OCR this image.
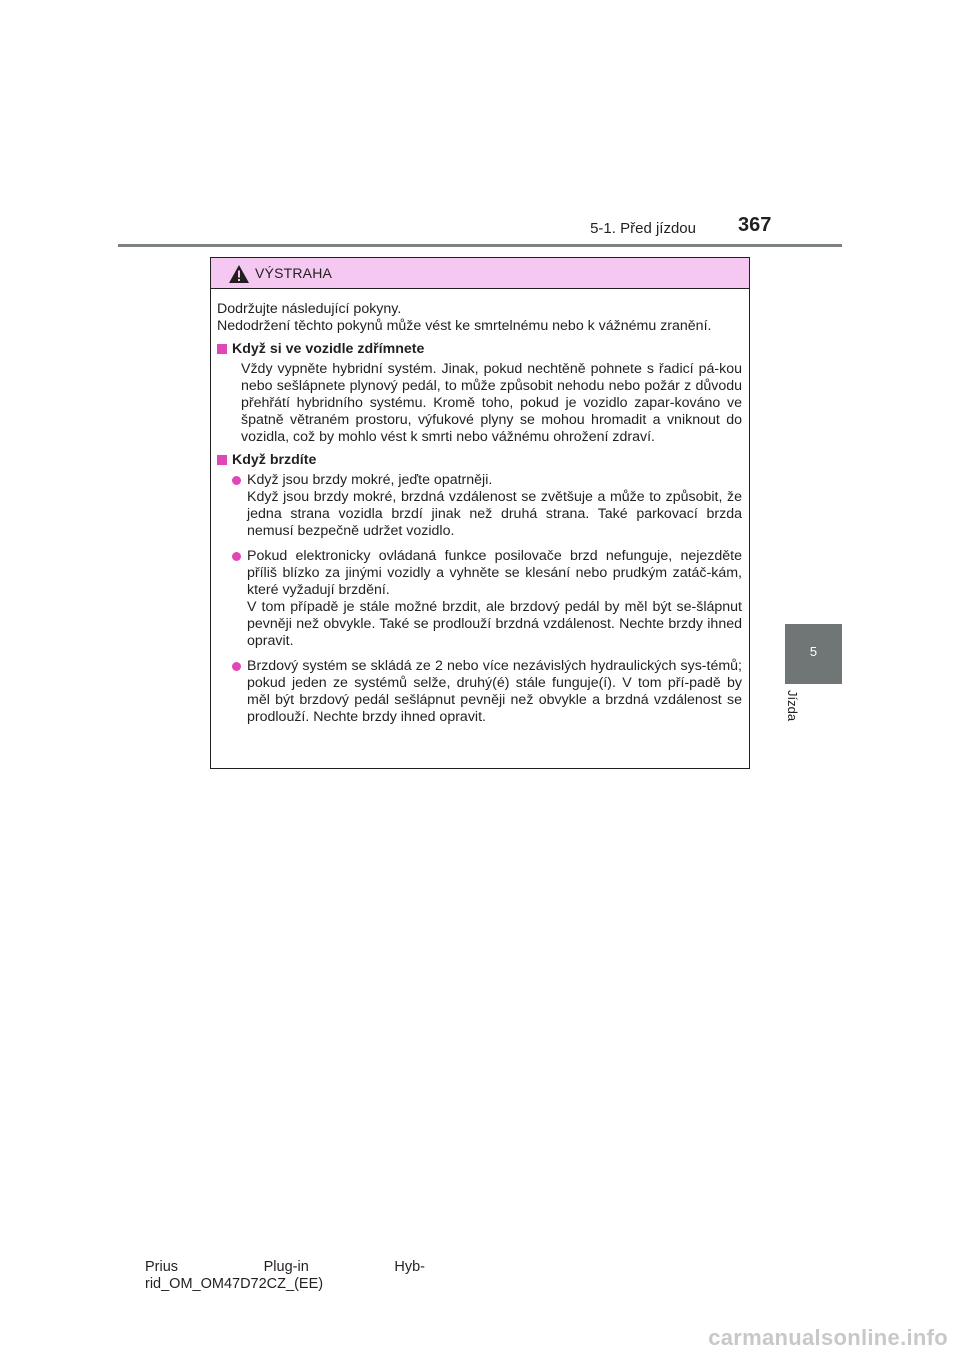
5-1. Před jízdou 367
5
Jízda
VÝSTRAHA

Dodržujte následující pokyny.

Nedodržení těchto pokynů může vést ke smrtelnému nebo k vážnému zranění.

Když si ve vozidle zdřímnete

Vždy vypněte hybridní systém. Jinak, pokud nechtěně pohnete s řadicí pá-kou nebo sešlápnete plynový pedál, to může způsobit nehodu nebo požár z důvodu přehřátí hybridního systému. Kromě toho, pokud je vozidlo zapar-kováno ve špatně větraném prostoru, výfukové plyny se mohou hromadit a vniknout do vozidla, což by mohlo vést k smrti nebo vážnému ohrožení zdraví.

Když brzdíte

Když jsou brzdy mokré, jeďte opatrněji.

Když jsou brzdy mokré, brzdná vzdálenost se zvětšuje a může to způsobit, že jedna strana vozidla brzdí jinak než druhá strana. Také parkovací brzda nemusí bezpečně udržet vozidlo.

Pokud elektronicky ovládaná funkce posilovače brzd nefunguje, nejezděte příliš blízko za jinými vozidly a vyhněte se klesání nebo prudkým zatáč-kám, které vyžadují brzdění.

V tom případě je stále možné brzdit, ale brzdový pedál by měl být se-šlápnut pevněji než obvykle. Také se prodlouží brzdná vzdálenost. Nechte brzdy ihned opravit.

Brzdový systém se skládá ze 2 nebo více nezávislých hydraulických sys-témů; pokud jeden ze systémů selže, druhý(é) stále funguje(í). V tom pří-padě by měl být brzdový pedál sešlápnut pevněji než obvykle a brzdná vzdálenost se prodlouží. Nechte brzdy ihned opravit.

Prius	Plug-in	Hyb-
rid_OM_OM47D72CZ_(EE)
carmanualsonline.info
